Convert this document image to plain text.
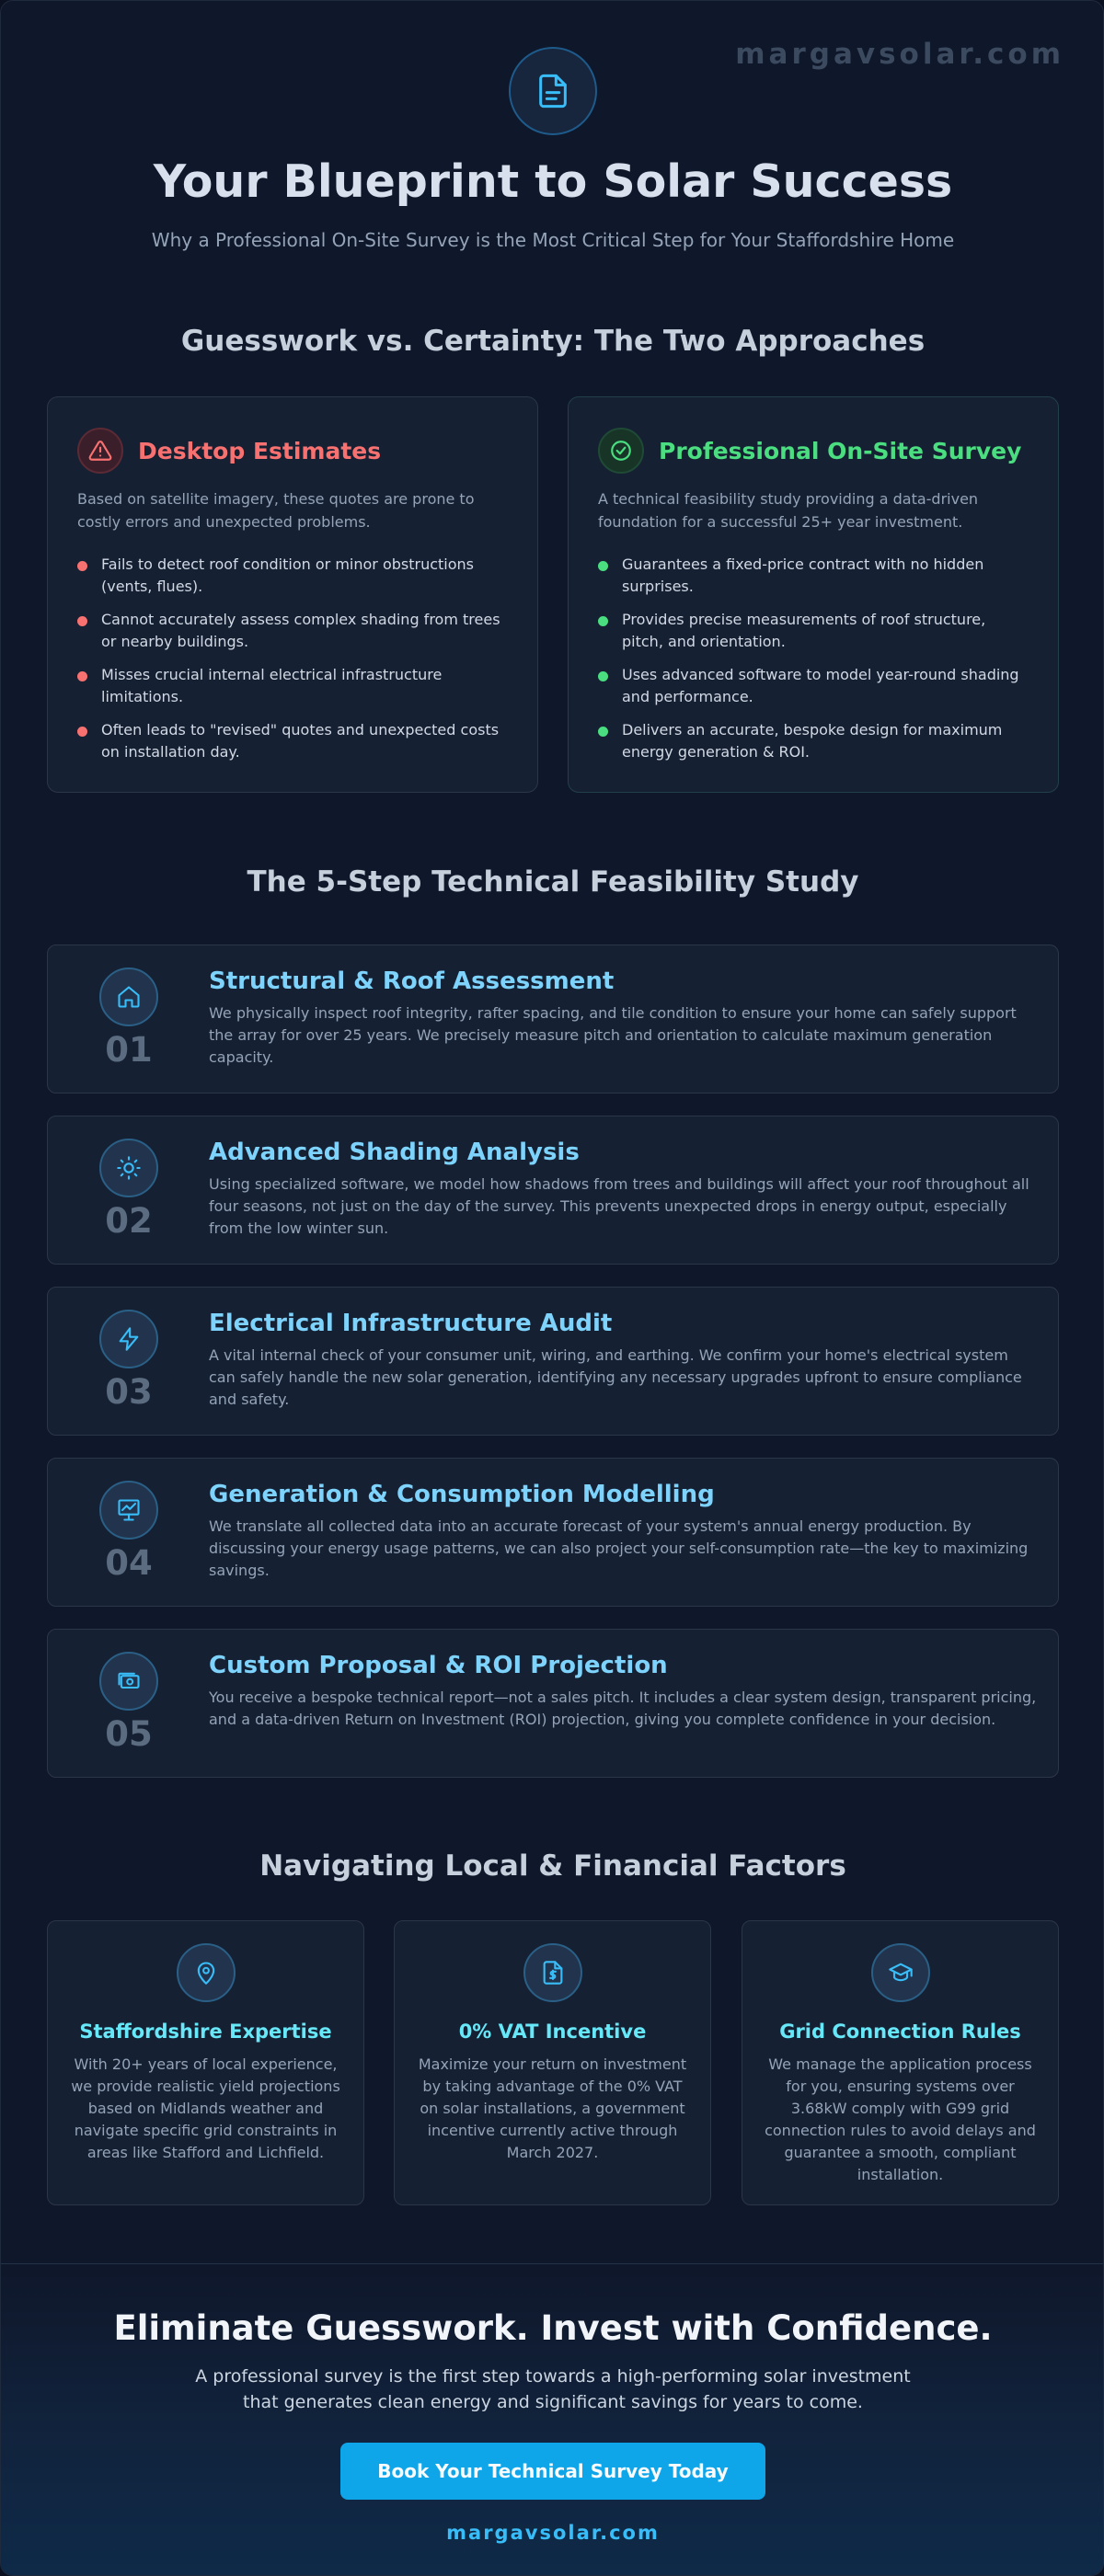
margavsolar.com
Your Blueprint to Solar Success

Why a Professional On-Site Survey is the Most Critical Step for Your Staffordshire Home

Guesswork vs. Certainty: The Two Approaches
Desktop Estimates

Based on satellite imagery, these quotes are prone to costly errors and unexpected problems.

Fails to detect roof condition or minor obstructions (vents, flues).
Cannot accurately assess complex shading from trees or nearby buildings.
Misses crucial internal electrical infrastructure limitations.
Often leads to "revised" quotes and unexpected costs on installation day.
Professional On-Site Survey

A technical feasibility study providing a data-driven foundation for a successful 25+ year investment.

Guarantees a fixed-price contract with no hidden surprises.
Provides precise measurements of roof structure, pitch, and orientation.
Uses advanced software to model year-round shading and performance.
Delivers an accurate, bespoke design for maximum energy generation & ROI.
The 5-Step Technical Feasibility Study
01
Structural & Roof Assessment
We physically inspect roof integrity, rafter spacing, and tile condition to ensure your home can safely support the array for over 25 years. We precisely measure pitch and orientation to calculate maximum generation capacity.
02
Advanced Shading Analysis
Using specialized software, we model how shadows from trees and buildings will affect your roof throughout all four seasons, not just on the day of the survey. This prevents unexpected drops in energy output, especially from the low winter sun.
03
Electrical Infrastructure Audit
A vital internal check of your consumer unit, wiring, and earthing. We confirm your home's electrical system can safely handle the new solar generation, identifying any necessary upgrades upfront to ensure compliance and safety.
04
Generation & Consumption Modelling
We translate all collected data into an accurate forecast of your system's annual energy production. By discussing your energy usage patterns, we can also project your self-consumption rate—the key to maximizing savings.
05
Custom Proposal & ROI Projection
You receive a bespoke technical report—not a sales pitch. It includes a clear system design, transparent pricing, and a data-driven Return on Investment (ROI) projection, giving you complete confidence in your decision.
Navigating Local & Financial Factors
Staffordshire Expertise
With 20+ years of local experience, we provide realistic yield projections based on Midlands weather and navigate specific grid constraints in areas like Stafford and Lichfield.
0% VAT Incentive
Maximize your return on investment by taking advantage of the 0% VAT on solar installations, a government incentive currently active through March 2027.
Grid Connection Rules
We manage the application process for you, ensuring systems over 3.68kW comply with G99 grid connection rules to avoid delays and guarantee a smooth, compliant installation.
Eliminate Guesswork. Invest with Confidence.

A professional survey is the first step towards a high-performing solar investment that generates clean energy and significant savings for years to come.

Book Your Technical Survey Today
margavsolar.com
